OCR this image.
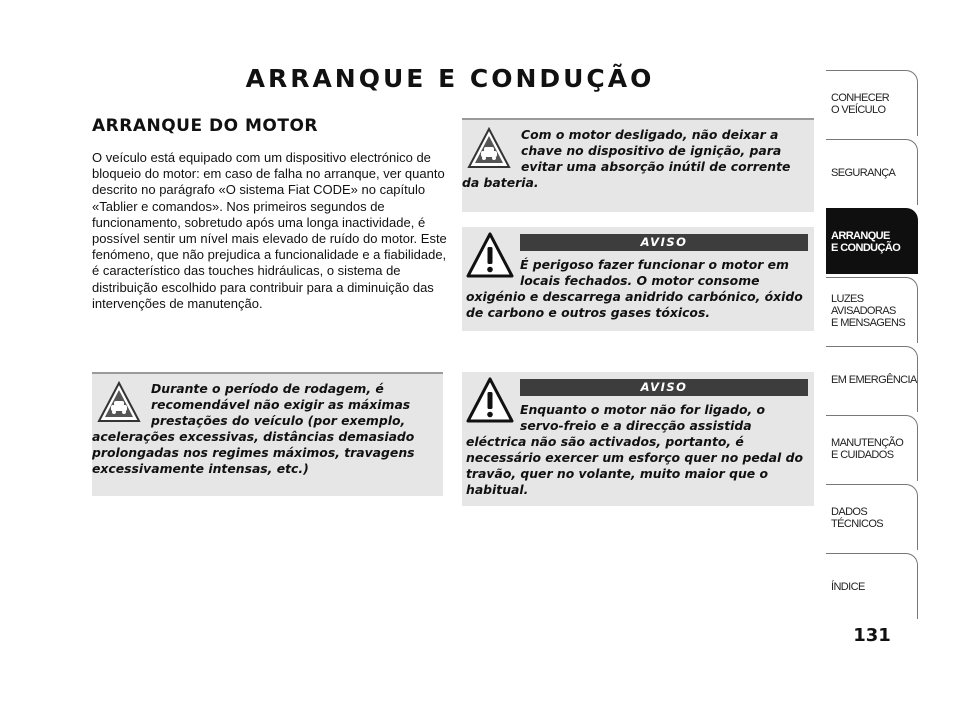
ARRANQUE E CONDUÇÃO
ARRANQUE DO MOTOR

O veículo está equipado com um dispositivo electrónico de bloqueio do motor: em caso de falha no arranque, ver quanto descrito no parágrafo «O sistema Fiat CODE» no capítulo «Tablier e comandos». Nos primeiros segundos de funcionamento, sobretudo após uma longa inactividade, é possível sentir um nível mais elevado de ruído do motor. Este fenómeno, que não prejudica a funcionalidade e a fiabilidade, é característico das touches hidráulicas, o sistema de distribuição escolhido para contribuir para a diminuição das intervenções de manutenção.

Durante o período de rodagem, é recomendável não exigir as máximas prestações do veículo (por exemplo, acelerações excessivas, distâncias demasiado prolongadas nos regimes máximos, travagens excessivamente intensas, etc.)
Com o motor desligado, não deixar a chave no dispositivo de ignição, para evitar uma absorção inútil de corrente da bateria.
AVISO
É perigoso fazer funcionar o motor em locais fechados. O motor consome oxigénio e descarrega anidrido carbónico, óxido de carbono e outros gases tóxicos.
AVISO
Enquanto o motor não for ligado, o servo-freio e a direcção assistida eléctrica não são activados, portanto, é necessário exercer um esforço quer no pedal do travão, quer no volante, muito maior que o habitual.
CONHECER
O VEÍCULO
SEGURANÇA
ARRANQUE
E CONDUÇÃO
LUZES
AVISADORAS
E MENSAGENS
EM EMERGÊNCIA
MANUTENÇÃO
E CUIDADOS
DADOS
TÉCNICOS
ÍNDICE

131
